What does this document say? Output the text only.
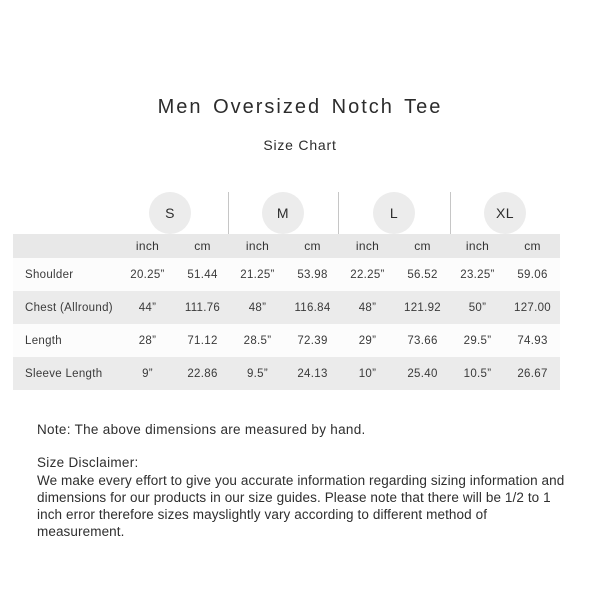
Men Oversized Notch Tee
Size Chart
S	M	L	XL
inch	cm	inch	cm	inch	cm	inch	cm
Shoulder	20.25”	51.44	21.25”	53.98	22.25”	56.52	23.25”	59.06
Chest (Allround)	44”	111.76	48”	116.84	48”	121.92	50”	127.00
Length	28”	71.12	28.5”	72.39	29”	73.66	29.5”	74.93
Sleeve Length	9”	22.86	9.5”	24.13	10”	25.40	10.5”	26.67
Note: The above dimensions are measured by hand.
Size Disclaimer:
We make every effort to give you accurate information regarding sizing information and dimensions for our products in our size guides. Please note that there will be 1/2 to 1 inch error therefore sizes mayslightly vary according to different method of measurement.
